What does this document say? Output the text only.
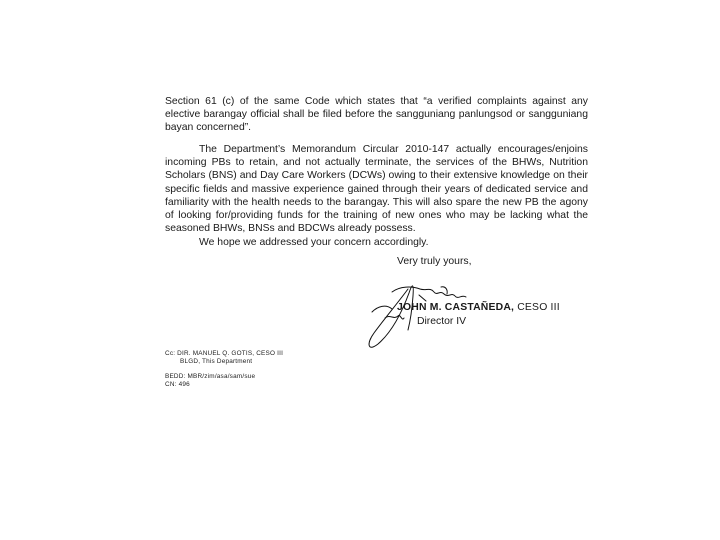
Section 61 (c) of the same Code which states that “a verified complaints against any elective barangay official shall be filed before the sangguniang panlungsod or sangguniang bayan concerned”.
The Department’s Memorandum Circular 2010-147 actually encourages/enjoins incoming PBs to retain, and not actually terminate, the services of the BHWs, Nutrition Scholars (BNS) and Day Care Workers (DCWs) owing to their extensive knowledge on their specific fields and massive experience gained through their years of dedicated service and familiarity with the health needs to the barangay. This will also spare the new PB the agony of looking for/providing funds for the training of new ones who may be lacking what the seasoned BHWs, BNSs and BDCWs already possess.
We hope we addressed your concern accordingly.
Very truly yours,
JOHN M. CASTAÑEDA, CESO III
Director IV
Cc: DIR. MANUEL Q. GOTIS, CESO III
BLGD, This Department
BEDD: MBR/zim/asa/sam/sue
CN: 496
